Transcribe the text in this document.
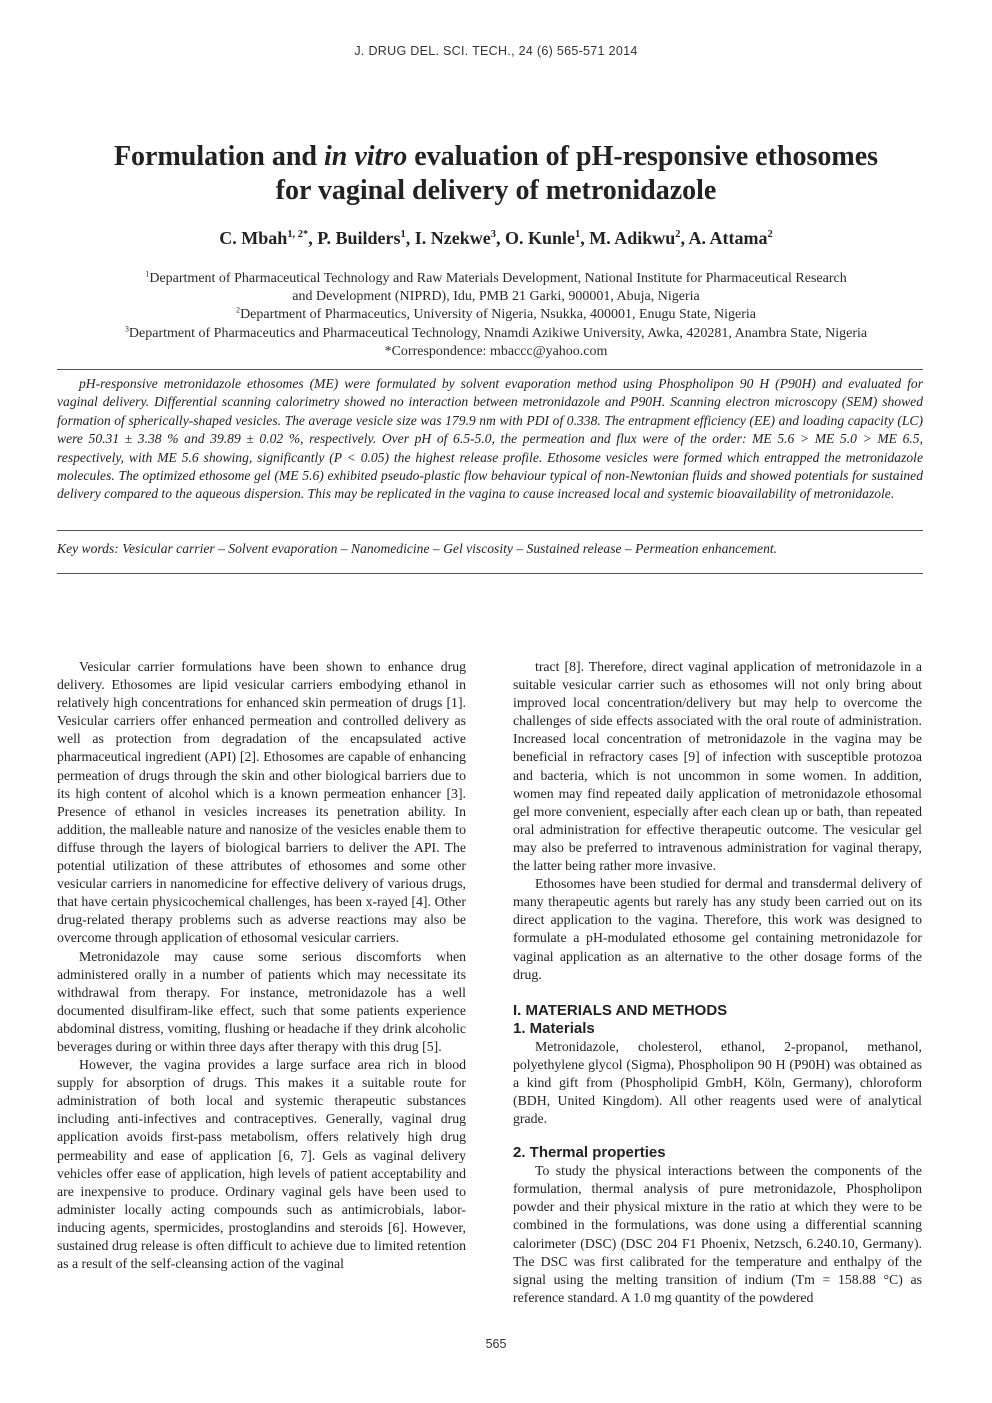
J. DRUG DEL. SCI. TECH., 24 (6) 565-571 2014
Formulation and in vitro evaluation of pH-responsive ethosomes
for vaginal delivery of metronidazole
C. Mbah$^{1, 2*}$, P. Builders$^1$, I. Nzekwe$^3$, O. Kunle$^1$, M. Adikwu$^2$, A. Attama$^2$
$^1$Department of Pharmaceutical Technology and Raw Materials Development, National Institute for Pharmaceutical Research
and Development (NIPRD), Idu, PMB 21 Garki, 900001, Abuja, Nigeria
$^2$Department of Pharmaceutics, University of Nigeria, Nsukka, 400001, Enugu State, Nigeria
$^3$Department of Pharmaceutics and Pharmaceutical Technology, Nnamdi Azikiwe University, Awka, 420281, Anambra State, Nigeria
*Correspondence: mbaccc@yahoo.com

pH-responsive metronidazole ethosomes (ME) were formulated by solvent evaporation method using Phospholipon 90 H (P90H) and evaluated for vaginal delivery. Differential scanning calorimetry showed no interaction between metronidazole and P90H. Scanning electron microscopy (SEM) showed formation of spherically-shaped vesicles. The average vesicle size was 179.9 nm with PDI of 0.338. The entrapment efficiency (EE) and loading capacity (LC) were 50.31 ± 3.38 % and 39.89 ± 0.02 %, respectively. Over pH of 6.5-5.0, the permeation and flux were of the order: ME 5.6 > ME 5.0 > ME 6.5, respectively, with ME 5.6 showing, significantly (P < 0.05) the highest release profile. Ethosome vesicles were formed which entrapped the metronidazole molecules. The optimized ethosome gel (ME 5.6) exhibited pseudo-plastic flow behaviour typical of non-Newtonian fluids and showed potentials for sustained delivery compared to the aqueous dispersion. This may be replicated in the vagina to cause increased local and systemic bioavailability of metronidazole.

Key words: Vesicular carrier – Solvent evaporation – Nanomedicine – Gel viscosity – Sustained release – Permeation enhancement.

Vesicular carrier formulations have been shown to enhance drug delivery. Ethosomes are lipid vesicular carriers embodying ethanol in relatively high concentrations for enhanced skin permeation of drugs [1]. Vesicular carriers offer enhanced permeation and controlled delivery as well as protection from degradation of the encapsulated active pharmaceutical ingredient (API) [2]. Ethosomes are capable of enhancing permeation of drugs through the skin and other biological barriers due to its high content of alcohol which is a known permeation enhancer [3]. Presence of ethanol in vesicles increases its penetration ability. In addition, the malleable nature and nanosize of the vesicles enable them to diffuse through the layers of biological barriers to deliver the API. The potential utilization of these attributes of ethosomes and some other vesicular carriers in nanomedicine for effective delivery of various drugs, that have certain physicochemical challenges, has been x-rayed [4]. Other drug-related therapy problems such as adverse reactions may also be overcome through application of ethosomal vesicular carriers.

Metronidazole may cause some serious discomforts when administered orally in a number of patients which may necessitate its withdrawal from therapy. For instance, metronidazole has a well documented disulfiram-like effect, such that some patients experience abdominal distress, vomiting, flushing or headache if they drink alcoholic beverages during or within three days after therapy with this drug [5].

However, the vagina provides a large surface area rich in blood supply for absorption of drugs. This makes it a suitable route for administration of both local and systemic therapeutic substances including anti-infectives and contraceptives. Generally, vaginal drug application avoids first-pass metabolism, offers relatively high drug permeability and ease of application [6, 7]. Gels as vaginal delivery vehicles offer ease of application, high levels of patient acceptability and are inexpensive to produce. Ordinary vaginal gels have been used to administer locally acting compounds such as antimicrobials, labor-inducing agents, spermicides, prostoglandins and steroids [6]. However, sustained drug release is often difficult to achieve due to limited retention as a result of the self-cleansing action of the vaginal

tract [8]. Therefore, direct vaginal application of metronidazole in a suitable vesicular carrier such as ethosomes will not only bring about improved local concentration/delivery but may help to overcome the challenges of side effects associated with the oral route of administration. Increased local concentration of metronidazole in the vagina may be beneficial in refractory cases [9] of infection with susceptible protozoa and bacteria, which is not uncommon in some women. In addition, women may find repeated daily application of metronidazole ethosomal gel more convenient, especially after each clean up or bath, than repeated oral administration for effective therapeutic outcome. The vesicular gel may also be preferred to intravenous administration for vaginal therapy, the latter being rather more invasive.

Ethosomes have been studied for dermal and transdermal delivery of many therapeutic agents but rarely has any study been carried out on its direct application to the vagina. Therefore, this work was designed to formulate a pH-modulated ethosome gel containing metronidazole for vaginal application as an alternative to the other dosage forms of the drug.

I. MATERIALS AND METHODS
1. Materials

Metronidazole, cholesterol, ethanol, 2-propanol, methanol, polyethylene glycol (Sigma), Phospholipon 90 H (P90H) was obtained as a kind gift from (Phospholipid GmbH, Köln, Germany), chloroform (BDH, United Kingdom). All other reagents used were of analytical grade.

2. Thermal properties

To study the physical interactions between the components of the formulation, thermal analysis of pure metronidazole, Phospholipon powder and their physical mixture in the ratio at which they were to be combined in the formulations, was done using a differential scanning calorimeter (DSC) (DSC 204 F1 Phoenix, Netzsch, 6.240.10, Germany). The DSC was first calibrated for the temperature and enthalpy of the signal using the melting transition of indium (Tm = 158.88 °C) as reference standard. A 1.0 mg quantity of the powdered

565
